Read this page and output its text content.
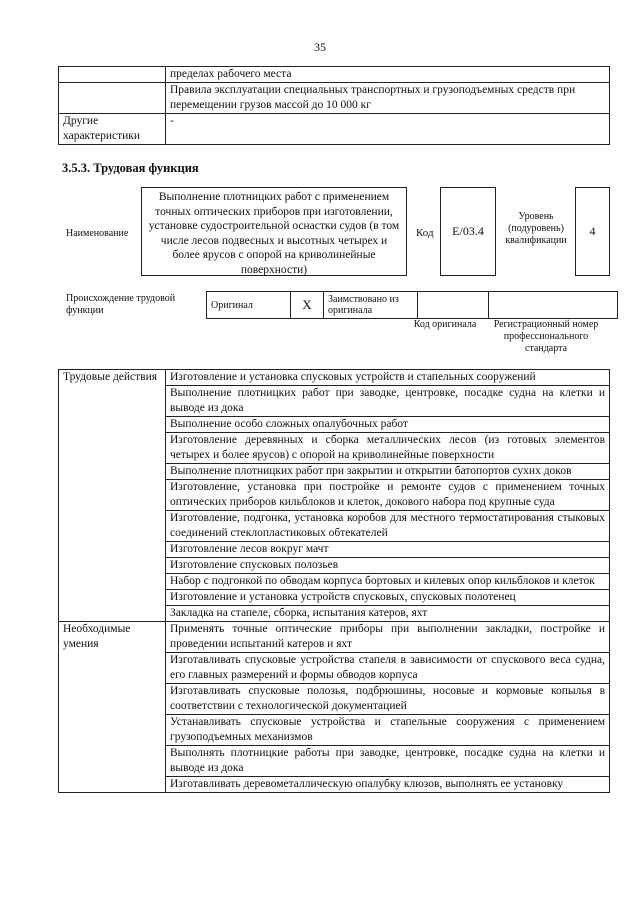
35
	пределах рабочего места
	Правила эксплуатации специальных транспортных и грузоподъемных средств при перемещении грузов массой до 10 000 кг
Другие характеристики	-
3.5.3. Трудовая функция
Наименование
Выполнение плотницких работ с применением точных оптических приборов при изготовлении, установке судостроительной оснастки судов (в том числе лесов подвесных и высотных четырех и более ярусов с опорой на криволинейные поверхности)
Код	E/03.4
Уровень (подуровень) квалификации
4
Происхождение трудовой функции	Оригинал	X	Заимствовано из оригинала		
Код оригинала	Регистрационный номер профессионального стандарта
Трудовые действия	Изготовление и установка спусковых устройств и стапельных сооружений
	Выполнение плотницких работ при заводке, центровке, посадке судна на клетки и выводе из дока
	Выполнение особо сложных опалубочных работ
	Изготовление деревянных и сборка металлических лесов (из готовых элементов четырех и более ярусов) с опорой на криволинейные поверхности
	Выполнение плотницких работ при закрытии и открытии батопортов сухих доков
	Изготовление, установка при постройке и ремонте судов с применением точных оптических приборов кильблоков и клеток, докового набора под крупные суда
	Изготовление, подгонка, установка коробов для местного термостатирования стыковых соединений стеклопластиковых обтекателей
	Изготовление лесов вокруг мачт
	Изготовление спусковых полозьев
	Набор с подгонкой по обводам корпуса бортовых и килевых опор кильблоков и клеток
	Изготовление и установка устройств спусковых, спусковых полотенец
	Закладка на стапеле, сборка, испытания катеров, яхт
Необходимые умения	Применять точные оптические приборы при выполнении закладки, постройке и проведении испытаний катеров и яхт
	Изготавливать спусковые устройства стапеля в зависимости от спускового веса судна, его главных размерений и формы обводов корпуса
	Изготавливать спусковые полозья, подбрюшины, носовые и кормовые копылья в соответствии с технологической документацией
	Устанавливать спусковые устройства и стапельные сооружения с применением грузоподъемных механизмов
	Выполнять плотницкие работы при заводке, центровке, посадке судна на клетки и выводе из дока
	Изготавливать деревометаллическую опалубку клюзов, выполнять ее установку
